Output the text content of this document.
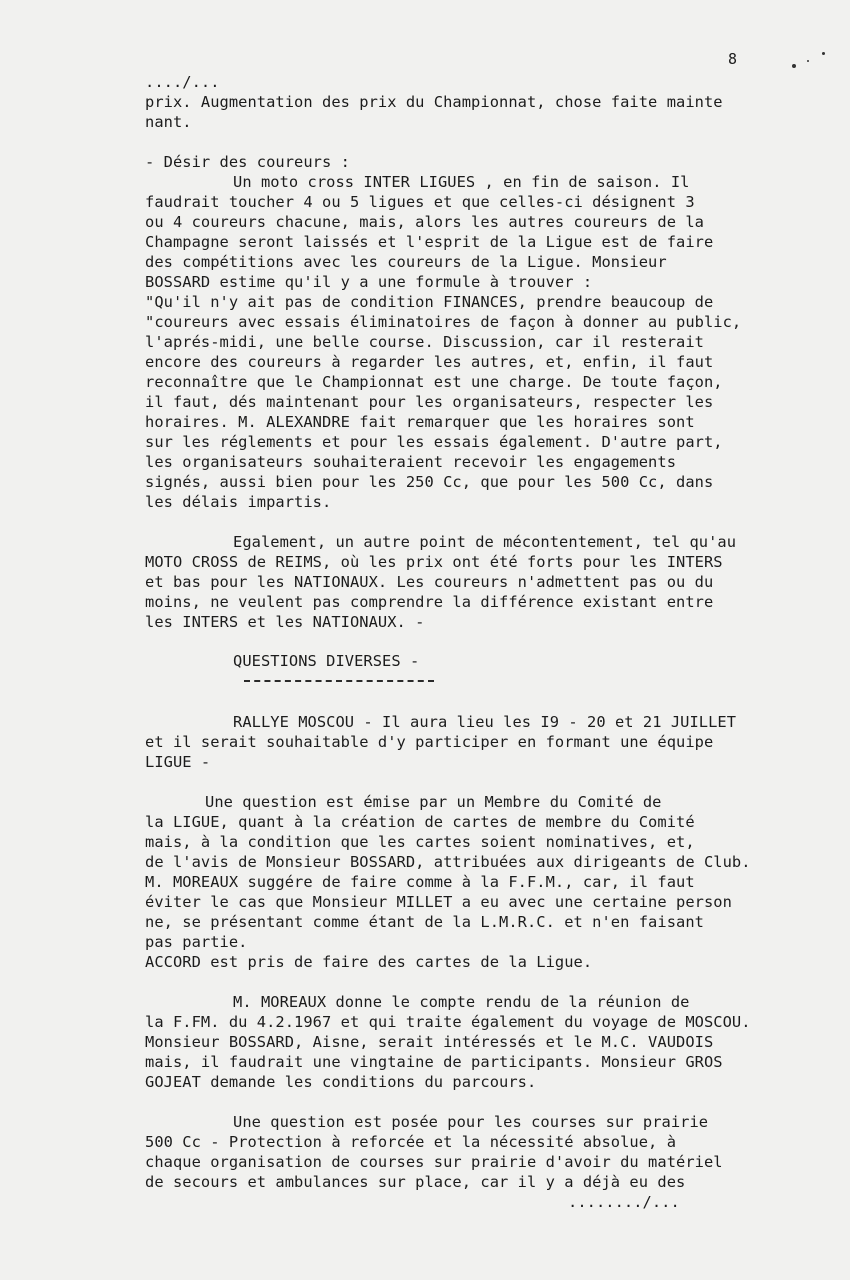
8

..../...

prix. Augmentation des prix du Championnat, chose faite mainte

nant.

- Désir des coureurs :

Un moto cross INTER LIGUES , en fin de saison. Il

faudrait toucher 4 ou 5 ligues et que celles-ci désignent 3

ou 4 coureurs chacune, mais, alors les autres coureurs de la

Champagne seront laissés et l'esprit de la Ligue est de faire

des compétitions avec les coureurs de la Ligue. Monsieur

BOSSARD estime qu'il y a une formule à trouver :

"Qu'il n'y ait pas de condition FINANCES, prendre beaucoup de

"coureurs avec essais éliminatoires de façon à donner au public,

l'aprés-midi, une belle course. Discussion, car il resterait

encore des coureurs à regarder les autres, et, enfin, il faut

reconnaître que le Championnat est une charge. De toute façon,

il faut, dés maintenant pour les organisateurs, respecter les

horaires. M. ALEXANDRE fait remarquer que les horaires sont

sur les réglements et pour les essais également. D'autre part,

les organisateurs souhaiteraient recevoir les engagements

signés, aussi bien pour les 250 Cc, que pour les 500 Cc, dans

les délais impartis.

Egalement, un autre point de mécontentement, tel qu'au

MOTO CROSS de REIMS, où les prix ont été forts pour les INTERS

et bas pour les NATIONAUX. Les coureurs n'admettent pas ou du

moins, ne veulent pas comprendre la différence existant entre

les INTERS et les NATIONAUX. -

QUESTIONS DIVERSES -

RALLYE MOSCOU - Il aura lieu les I9 - 20 et 21 JUILLET

et il serait souhaitable d'y participer en formant une équipe

LIGUE -

Une question est émise par un Membre du Comité de

la LIGUE, quant à la création de cartes de membre du Comité

mais, à la condition que les cartes soient nominatives, et,

de l'avis de Monsieur BOSSARD, attribuées aux dirigeants de Club.

M. MOREAUX suggére de faire comme à la F.F.M., car, il faut

éviter le cas que Monsieur MILLET a eu avec une certaine person

ne, se présentant comme étant de la L.M.R.C. et n'en faisant

pas partie.

ACCORD est pris de faire des cartes de la Ligue.

M. MOREAUX donne le compte rendu de la réunion de

la F.FM. du 4.2.1967 et qui traite également du voyage de MOSCOU.

Monsieur BOSSARD, Aisne, serait intéressés et le M.C. VAUDOIS

mais, il faudrait une vingtaine de participants. Monsieur GROS

GOJEAT demande les conditions du parcours.

Une question est posée pour les courses sur prairie

500 Cc - Protection à reforcée et la nécessité absolue, à

chaque organisation de courses sur prairie d'avoir du matériel

de secours et ambulances sur place, car il y a déjà eu des

......../...
